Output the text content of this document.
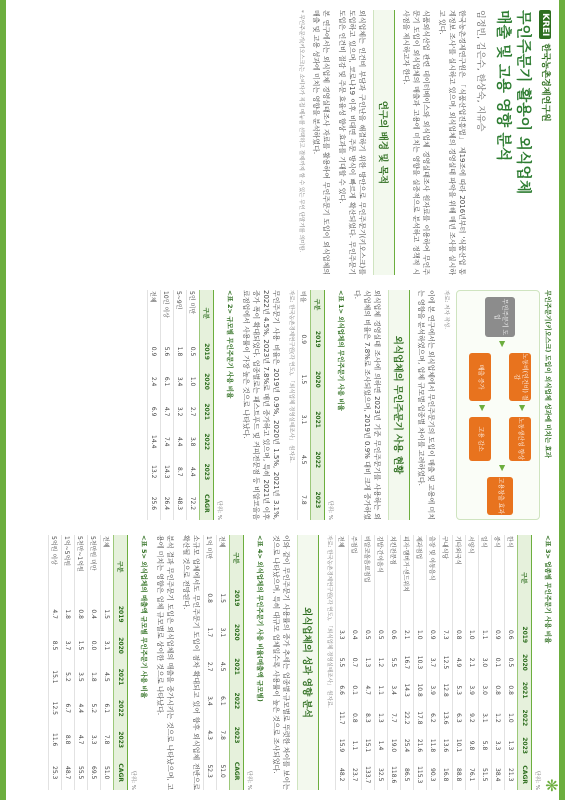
❋
KREI한국농촌경제연구원
무인주문기 활용이 외식업체
매출 및 고용 영향 분석
임정빈, 김은수, 한상숙, 지유승

한국농촌경제연구원은 「식품산업진흥법」 제19조에 따라 2016년부터 '식품산업 통계정보 조사'를 실시하고 있으며, 외식업체의 경영실태 파악을 위해 매년 조사를 실시하고 있다.

식품외식산업 관련 데이터베이스와 외식업체 경영실태조사 원자료를 이용하여 무인주문기 도입이 외식업체의 매출과 고용에 미치는 영향을 실증적으로 분석하고 정책적 시사점을 제시하고자 한다.

연구의 배경 및 목적

외식업체는 인건비 부담과 구인난을 해결하기 위한 방안으로 무인주문기(키오스크)를 도입하고 있으며, 코로나19 이후 비대면 주문 방식이 빠르게 확산되었다. 무인주문기 도입은 인건비 절감 및 주문 효율성 향상 효과를 기대할 수 있다.

본 연구에서는 외식업체 경영실태조사 자료를 활용하여 무인주문기 도입이 외식업체의 매출 및 고용 성과에 미치는 영향을 분석하였다.

* 무인주문기(키오스크)는 소비자가 직접 메뉴를 선택하고 결제까지 할 수 있는 무인 단말기를 의미함.

무인주문기(키오스크) 도입이 외식업체 성과에 미치는 효과
무인주문기 도입
▶
노동비(인건비) 절감
매출 증가
▶
▶
노동생산성 향상
고용 감소
▶
고용창출 효과

자료: 저자 작성.

이에 본 연구에서는 외식업체에서 무인주문기의 도입이 매출 및 고용에 미치는 영향을 분석하였으며, 업체 규모별·업종별 차이를 고려하였다.

외식업체의 무인주문기 사용 현황

외식업체 경영실태 조사에 의하면 2023년 기준 무인주문기를 사용하는 외식업체의 비율은 7.8%로 조사되었으며, 2019년 0.9% 대비 크게 증가하였다.

<표 1> 외식업체의 무인주문기 사용 비율

단위: %

구분	2019	2020	2021	2022	2023
비율	0.9	1.5	3.1	4.5	7.8

자료: 한국농촌경제연구원(각 연도), 「외식업체 경영실태조사」 원자료.

무인주문기 사용 비율은 2019년 0.9%, 2020년 1.5%, 2021년 3.1%, 2022년 4.5%, 2023년 7.8%로 매년 증가하고 있으며, 특히 2021년 이후 증가 폭이 확대되었다. 업종별로는 패스트푸드 및 커피전문점 등 비알코올음료점업에서 사용률이 가장 높은 것으로 나타났다.

<표 2> 규모별 무인주문기 사용 비율

단위: %

구분	2019	2020	2021	2022	2023	CAGR
5인 미만	0.5	1.0	2.7	3.8	4.4	72.2
5~9인	1.8	3.4	3.2	4.4	8.7	48.3
10인 이상	5.6	6.1	4.7	7.4	14.3	26.4
전체	0.9	2.4	6.9	14.4	13.2	25.6
<표 3> 업종별 무인주문기 사용 비율

단위: %

구분	2019	2020	2021	2022	2023	CAGR
한식	0.6	0.5	0.8	1.0	1.3	21.3
중식	0.9	0.1	0.8	1.2	3.3	38.4
일식	1.1	3.0	3.0	3.1	5.8	51.5
서양식	1.0	2.1	3.9	9.2	9.8	76.1
기타외국식	0.8	4.9	5.3	6.3	10.1	88.8
구내식당	7.3	12.5	12.8	13.6	13.6	16.8
출장 및 이동음식	0.9	3.7	3.9	6.2	11.8	90.3
제과점업	1.0	10.3	10.8	17.8	21.6	115.3
피자·햄버거·샌드위치	2.1	16.7	14.3	22.2	25.4	86.5
치킨전문점	0.6	5.5	3.4	7.7	19.0	118.6
김밥·간이음식	0.5	1.2	1.1	1.3	1.4	32.5
비알코올음료점업	0.5	1.3	4.7	8.3	15.1	133.7
주점업	0.4	0.7	0.1	0.8	1.1	23.7
전체	3.3	5.5	6.6	11.7	15.9	48.2

자료: 한국농촌경제연구원(각 연도), 「외식업체 경영실태조사」 원자료.

외식업체의 성과 영향 분석

이와 같이 무인주문기 사용률의 증가 추세는 업종별·규모별로 뚜렷한 차이를 보이는 것으로 나타났으며, 특히 대규모 업체일수록 사용률이 높은 것으로 조사되었다.

<표 4> 외식업체의 무인주문기 사용 비율(매출액 규모별)

단위: %

구분	2019	2020	2021	2022	2023	CAGR
전체	1.5	3.1	4.5	6.1	7.8	51.0
1억 미만	0.8	1.7	2.7	3.4	4.3	52.3

소규모 업체에서도 무인주문기 도입이 점차 확대되고 있어 향후 외식업체 전반으로 확산될 것으로 전망된다.

분석 결과 무인주문기 도입은 외식업체의 매출을 증가시키는 것으로 나타났으며, 고용에 미치는 영향은 업체 규모별로 상이한 것으로 나타났다.

<표 5> 외식업체의 매출액 규모별 무인주문기 사용 비율

단위: %

구분	2019	2020	2021	2022	2023	CAGR
전체	1.5	3.1	4.5	6.1	7.8	51.0
5천만원 미만	0.4	0.0	1.8	5.2	3.3	69.5
5천만~1억원	0.8	1.5	3.5	4.4	4.7	55.5
1억~5억원	1.8	3.7	5.2	6.7	8.8	48.7
5억원 이상	4.7	8.5	15.1	12.5	11.6	25.3
